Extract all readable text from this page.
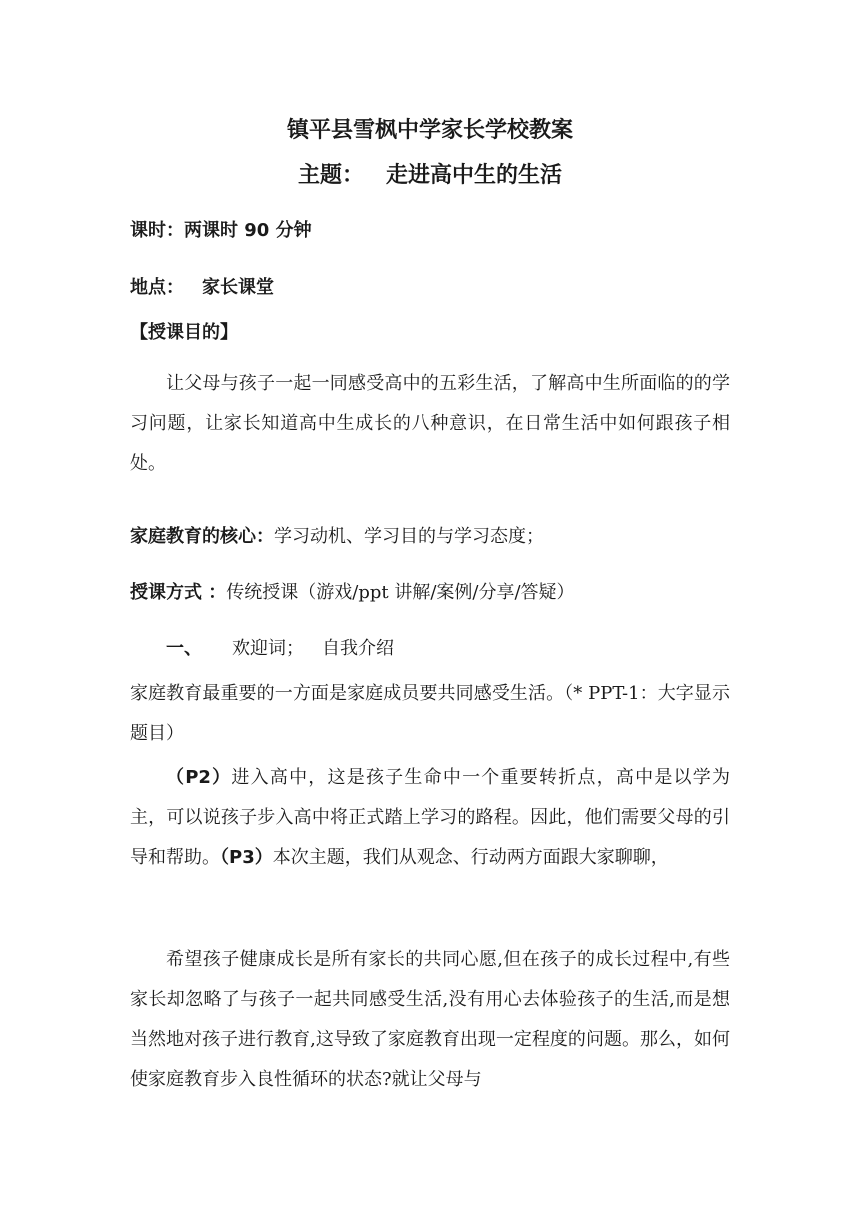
镇平县雪枫中学家长学校教案
主题： 走进高中生的生活
课时：两课时 90 分钟
地点： 家长课堂
【授课目的】
让父母与孩子一起一同感受高中的五彩生活，了解高中生所面临的的学习问题，让家长知道高中生成长的八种意识，在日常生活中如何跟孩子相处。
家庭教育的核心：学习动机、学习目的与学习态度；
授课方式 ：传统授课（游戏/ppt 讲解/案例/分享/答疑）
一、 欢迎词； 自我介绍
家庭教育最重要的一方面是家庭成员要共同感受生活。（* PPT-1：大字显示题目）
（P2）进入高中，这是孩子生命中一个重要转折点，高中是以学为主，可以说孩子步入高中将正式踏上学习的路程。因此，他们需要父母的引导和帮助。（P3）本次主题，我们从观念、行动两方面跟大家聊聊，
希望孩子健康成长是所有家长的共同心愿,但在孩子的成长过程中,有些家长却忽略了与孩子一起共同感受生活,没有用心去体验孩子的生活,而是想当然地对孩子进行教育,这导致了家庭教育出现一定程度的问题。那么，如何使家庭教育步入良性循环的状态?就让父母与
